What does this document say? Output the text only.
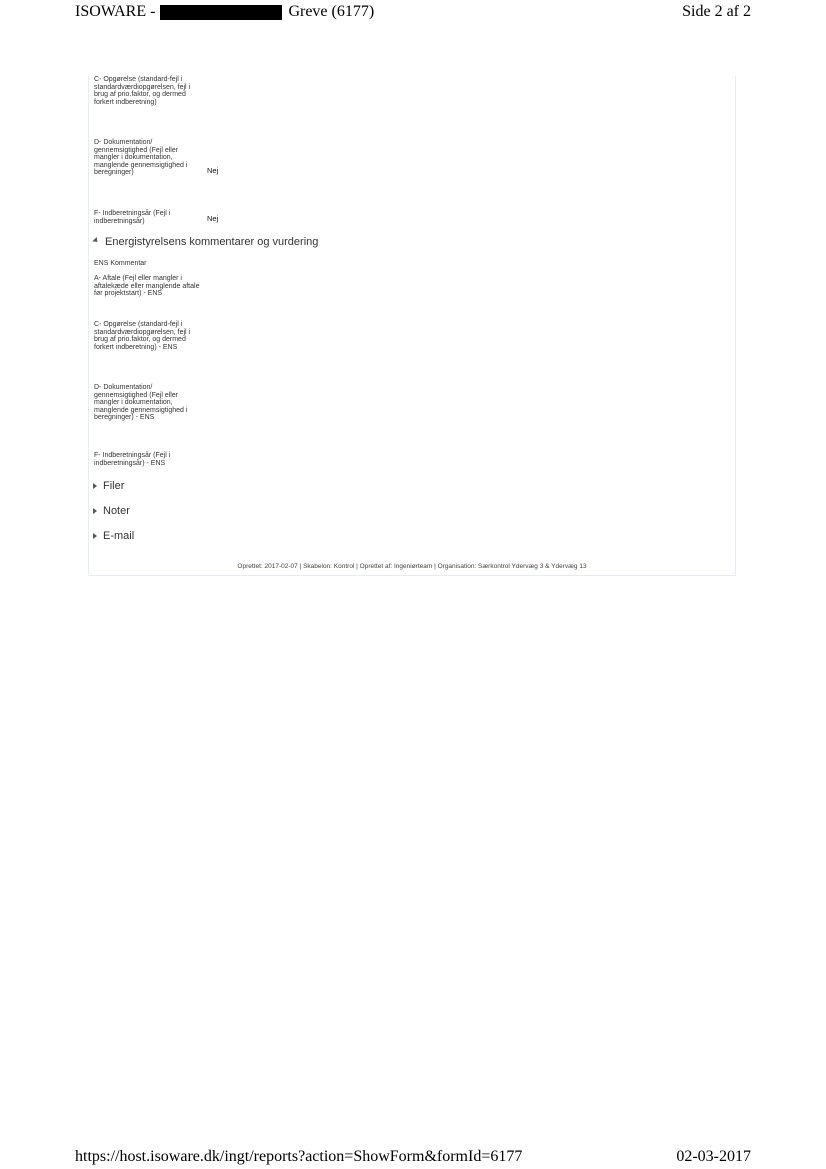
ISOWARE -	Greve (6177)	Side 2 af 2
C- Opgørelse (standard-fejl i standardværdiopgørelsen, fejl i brug af prio.faktor, og dermed forkert indberetning)
D- Dokumentation/ gennemsigtighed (Fejl eller mangler i dokumentation, manglende gennemsigtighed i beregninger)	Nej
F- Indberetningsår (Fejl i indberetningsår)	Nej
Energistyrelsens kommentarer og vurdering
ENS Kommentar
A- Aftale (Fejl eller mangler i aftalekæde eller manglende aftale før projektstart) - ENS
C- Opgørelse (standard-fejl i standardværdiopgørelsen, fejl i brug af prio.faktor, og dermed forkert indberetning) - ENS
D- Dokumentation/ gennemsigtighed (Fejl eller mangler i dokumentation, manglende gennemsigtighed i beregninger) - ENS
F- Indberetningsår (Fejl i indberetningsår) - ENS
Filer
Noter
E-mail
Oprettet: 2017-02-07 | Skabelon: Kontrol | Oprettet af: Ingeniørteam | Organisation: Særkontrol Ydervæg 3 & Ydervæg 13
https://host.isoware.dk/ingt/reports?action=ShowForm&formId=6177	02-03-2017
